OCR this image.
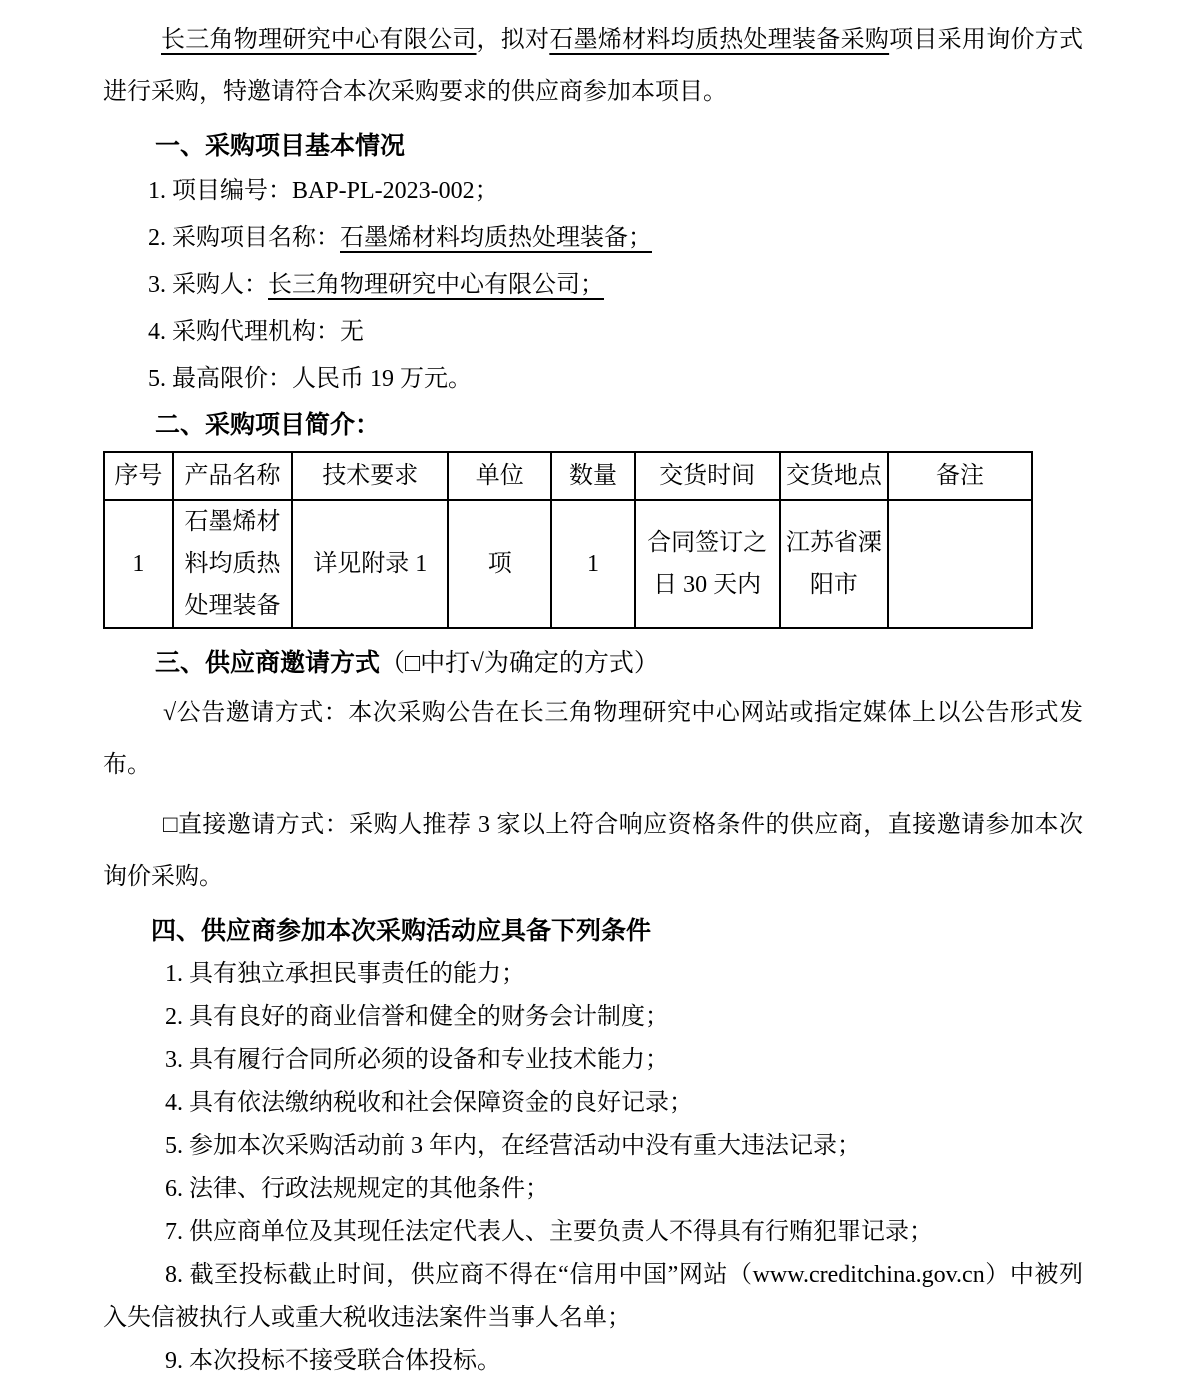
长三角物理研究中心有限公司，拟对石墨烯材料均质热处理装备采购项目采用询价方式进行采购，特邀请符合本次采购要求的供应商参加本项目。

一、采购项目基本情况

1. 项目编号：BAP-PL-2023-002；

2. 采购项目名称：石墨烯材料均质热处理装备；

3. 采购人：长三角物理研究中心有限公司；

4. 采购代理机构：无

5. 最高限价：人民币 19 万元。

二、采购项目简介：

序号	产品名称	技术要求	单位	数量	交货时间	交货地点	备注
1	石墨烯材料均质热处理装备	详见附录 1	项	1	合同签订之日 30 天内	江苏省溧阳市	

三、供应商邀请方式（□中打√为确定的方式）

√公告邀请方式：本次采购公告在长三角物理研究中心网站或指定媒体上以公告形式发布。

□直接邀请方式：采购人推荐 3 家以上符合响应资格条件的供应商，直接邀请参加本次询价采购。

四、供应商参加本次采购活动应具备下列条件

1. 具有独立承担民事责任的能力；

2. 具有良好的商业信誉和健全的财务会计制度；

3. 具有履行合同所必须的设备和专业技术能力；

4. 具有依法缴纳税收和社会保障资金的良好记录；

5. 参加本次采购活动前 3 年内，在经营活动中没有重大违法记录；

6. 法律、行政法规规定的其他条件；

7. 供应商单位及其现任法定代表人、主要负责人不得具有行贿犯罪记录；

8. 截至投标截止时间，供应商不得在“信用中国”网站（www.creditchina.gov.cn）中被列入失信被执行人或重大税收违法案件当事人名单；

9. 本次投标不接受联合体投标。
